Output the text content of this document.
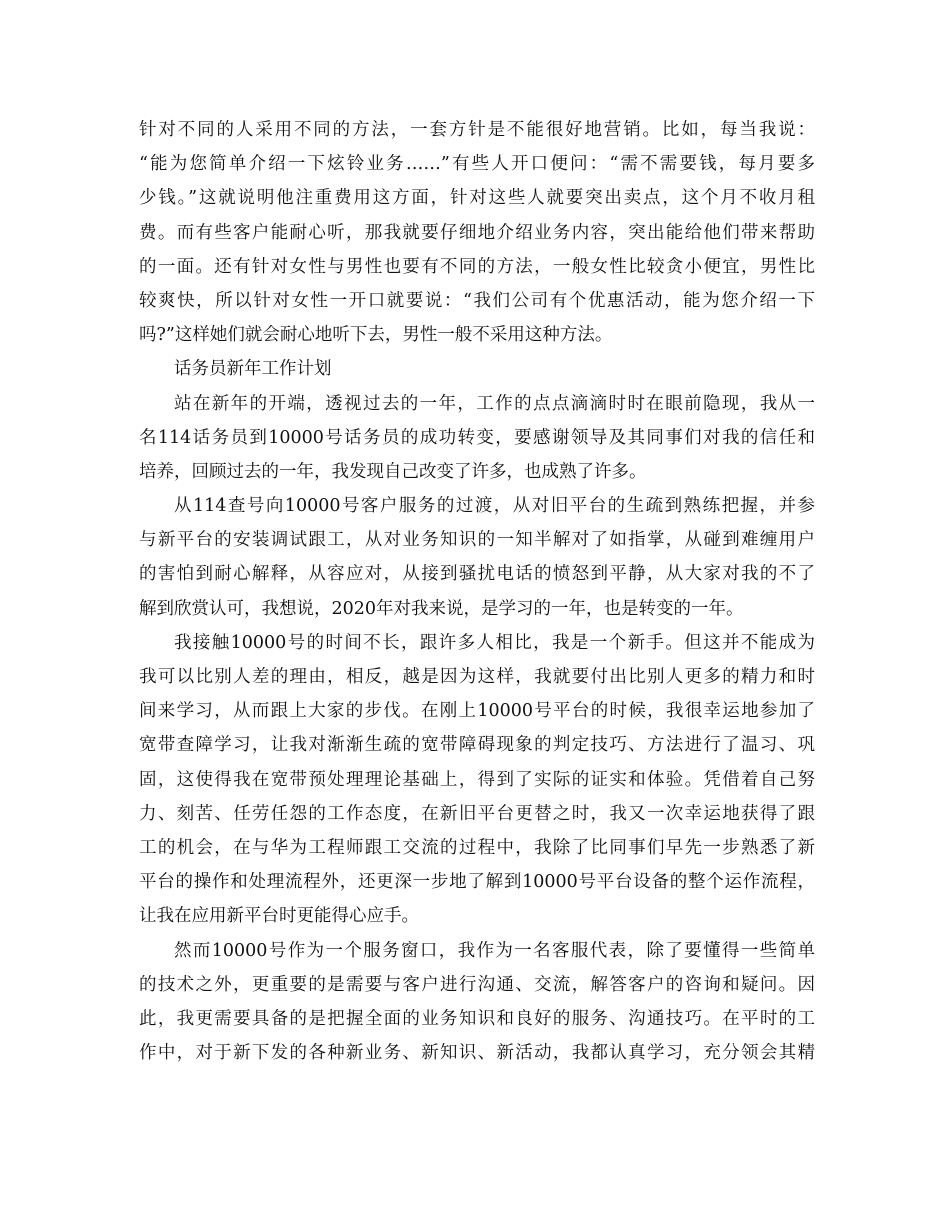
针对不同的人采用不同的方法，一套方针是不能很好地营销。比如，每当我说：
“能为您简单介绍一下炫铃业务……”有些人开口便问：“需不需要钱，每月要多
少钱。”这就说明他注重费用这方面，针对这些人就要突出卖点，这个月不收月租
费。而有些客户能耐心听，那我就要仔细地介绍业务内容，突出能给他们带来帮助
的一面。还有针对女性与男性也要有不同的方法，一般女性比较贪小便宜，男性比
较爽快，所以针对女性一开口就要说：“我们公司有个优惠活动，能为您介绍一下
吗?”这样她们就会耐心地听下去，男性一般不采用这种方法。
话务员新年工作计划
站在新年的开端，透视过去的一年，工作的点点滴滴时时在眼前隐现，我从一
名114话务员到10000号话务员的成功转变，要感谢领导及其同事们对我的信任和
培养，回顾过去的一年，我发现自己改变了许多，也成熟了许多。
从114查号向10000号客户服务的过渡，从对旧平台的生疏到熟练把握，并参
与新平台的安装调试跟工，从对业务知识的一知半解对了如指掌，从碰到难缠用户
的害怕到耐心解释，从容应对，从接到骚扰电话的愤怒到平静，从大家对我的不了
解到欣赏认可，我想说，2020年对我来说，是学习的一年，也是转变的一年。
我接触10000号的时间不长，跟许多人相比，我是一个新手。但这并不能成为
我可以比别人差的理由，相反，越是因为这样，我就要付出比别人更多的精力和时
间来学习，从而跟上大家的步伐。在刚上10000号平台的时候，我很幸运地参加了
宽带查障学习，让我对渐渐生疏的宽带障碍现象的判定技巧、方法进行了温习、巩
固，这使得我在宽带预处理理论基础上，得到了实际的证实和体验。凭借着自己努
力、刻苦、任劳任怨的工作态度，在新旧平台更替之时，我又一次幸运地获得了跟
工的机会，在与华为工程师跟工交流的过程中，我除了比同事们早先一步熟悉了新
平台的操作和处理流程外，还更深一步地了解到10000号平台设备的整个运作流程，
让我在应用新平台时更能得心应手。
然而10000号作为一个服务窗口，我作为一名客服代表，除了要懂得一些简单
的技术之外，更重要的是需要与客户进行沟通、交流，解答客户的咨询和疑问。因
此，我更需要具备的是把握全面的业务知识和良好的服务、沟通技巧。在平时的工
作中，对于新下发的各种新业务、新知识、新活动，我都认真学习，充分领会其精
